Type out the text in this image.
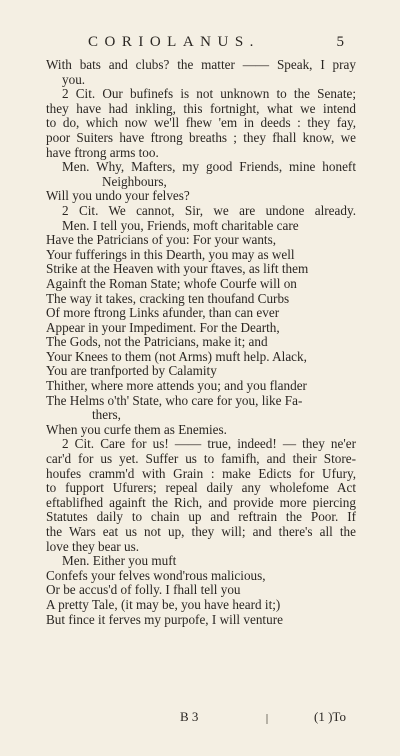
CORIOLANUS.	5
With bats and clubs? the matter —— Speak, I pray
you.
2 Cit. Our bufinefs is not unknown to the Senate;
they have had inkling, this fortnight, what we intend
to do, which now we'll fhew 'em in deeds : they fay,
poor Suiters have ftrong breaths ; they fhall know, we
have ftrong arms too.
Men. Why, Mafters, my good Friends, mine honeft
Neighbours,
Will you undo your felves?
2 Cit. We cannot, Sir, we are undone already.
Men. I tell you, Friends, moft charitable care
Have the Patricians of you: For your wants,
Your fufferings in this Dearth, you may as well
Strike at the Heaven with your ftaves, as lift them
Againft the Roman State; whofe Courfe will on
The way it takes, cracking ten thoufand Curbs
Of more ftrong Links afunder, than can ever
Appear in your Impediment. For the Dearth,
The Gods, not the Patricians, make it; and
Your Knees to them (not Arms) muft help. Alack,
You are tranfported by Calamity
Thither, where more attends you; and you flander
The Helms o'th' State, who care for you, like Fa-
thers,
When you curfe them as Enemies.
2 Cit. Care for us! —— true, indeed! — they ne'er
car'd for us yet. Suffer us to famifh, and their Store-
houfes cramm'd with Grain : make Edicts for Ufury,
to fupport Ufurers; repeal daily any wholefome Act
eftablifhed againft the Rich, and provide more piercing
Statutes daily to chain up and reftrain the Poor. If
the Wars eat us not up, they will; and there's all the
love they bear us.
Men. Either you muft
Confefs your felves wond'rous malicious,
Or be accus'd of folly. I fhall tell you
A pretty Tale, (it may be, you have heard it;)
But fince it ferves my purpofe, I will venture
B 3	(1 )To
